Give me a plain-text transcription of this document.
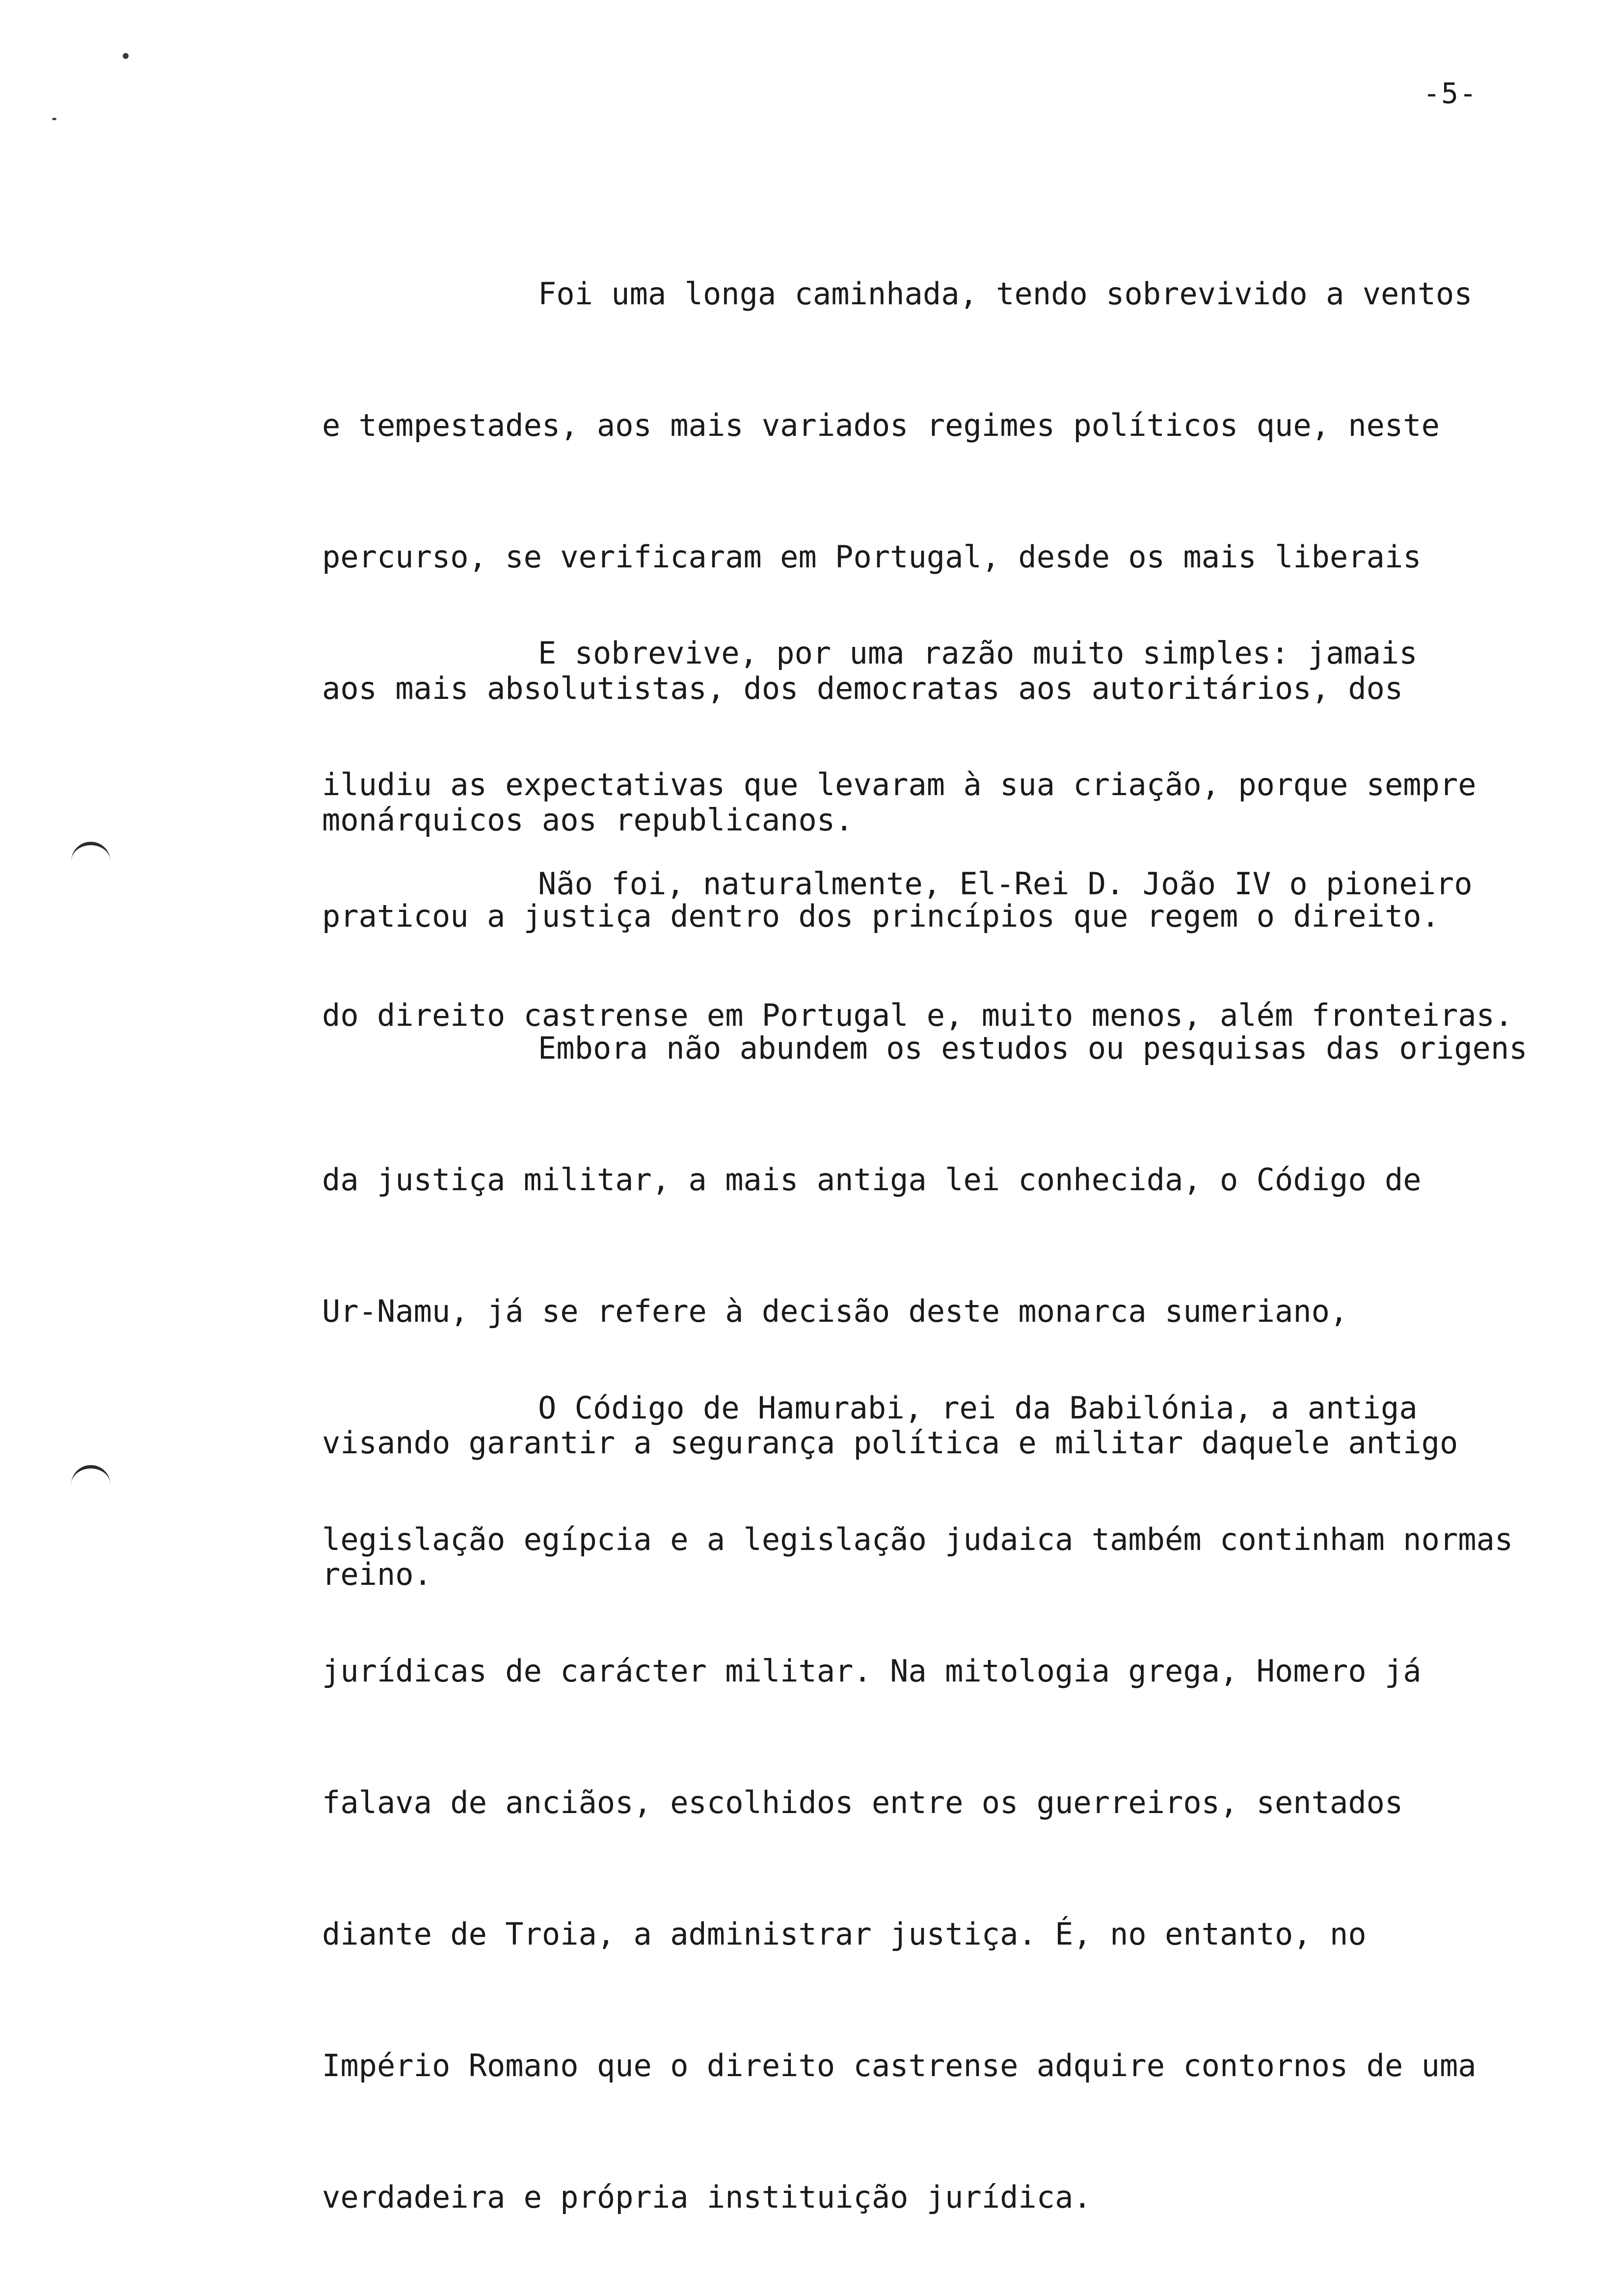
-5-

Foi uma longa caminhada, tendo sobrevivido a ventos

e tempestades, aos mais variados regimes políticos que, neste

percurso, se verificaram em Portugal, desde os mais liberais

aos mais absolutistas, dos democratas aos autoritários, dos

monárquicos aos republicanos.

E sobrevive, por uma razão muito simples: jamais

iludiu as expectativas que levaram à sua criação, porque sempre

praticou a justiça dentro dos princípios que regem o direito.

Não foi, naturalmente, El-Rei D. João IV o pioneiro

do direito castrense em Portugal e, muito menos, além fronteiras.

Embora não abundem os estudos ou pesquisas das origens

da justiça militar, a mais antiga lei conhecida, o Código de

Ur-Namu, já se refere à decisão deste monarca sumeriano,

visando garantir a segurança política e militar daquele antigo

reino.

O Código de Hamurabi, rei da Babilónia, a antiga

legislação egípcia e a legislação judaica também continham normas

jurídicas de carácter militar. Na mitologia grega, Homero já

falava de anciãos, escolhidos entre os guerreiros, sentados

diante de Troia, a administrar justiça. É, no entanto, no

Império Romano que o direito castrense adquire contornos de uma

verdadeira e própria instituição jurídica.
